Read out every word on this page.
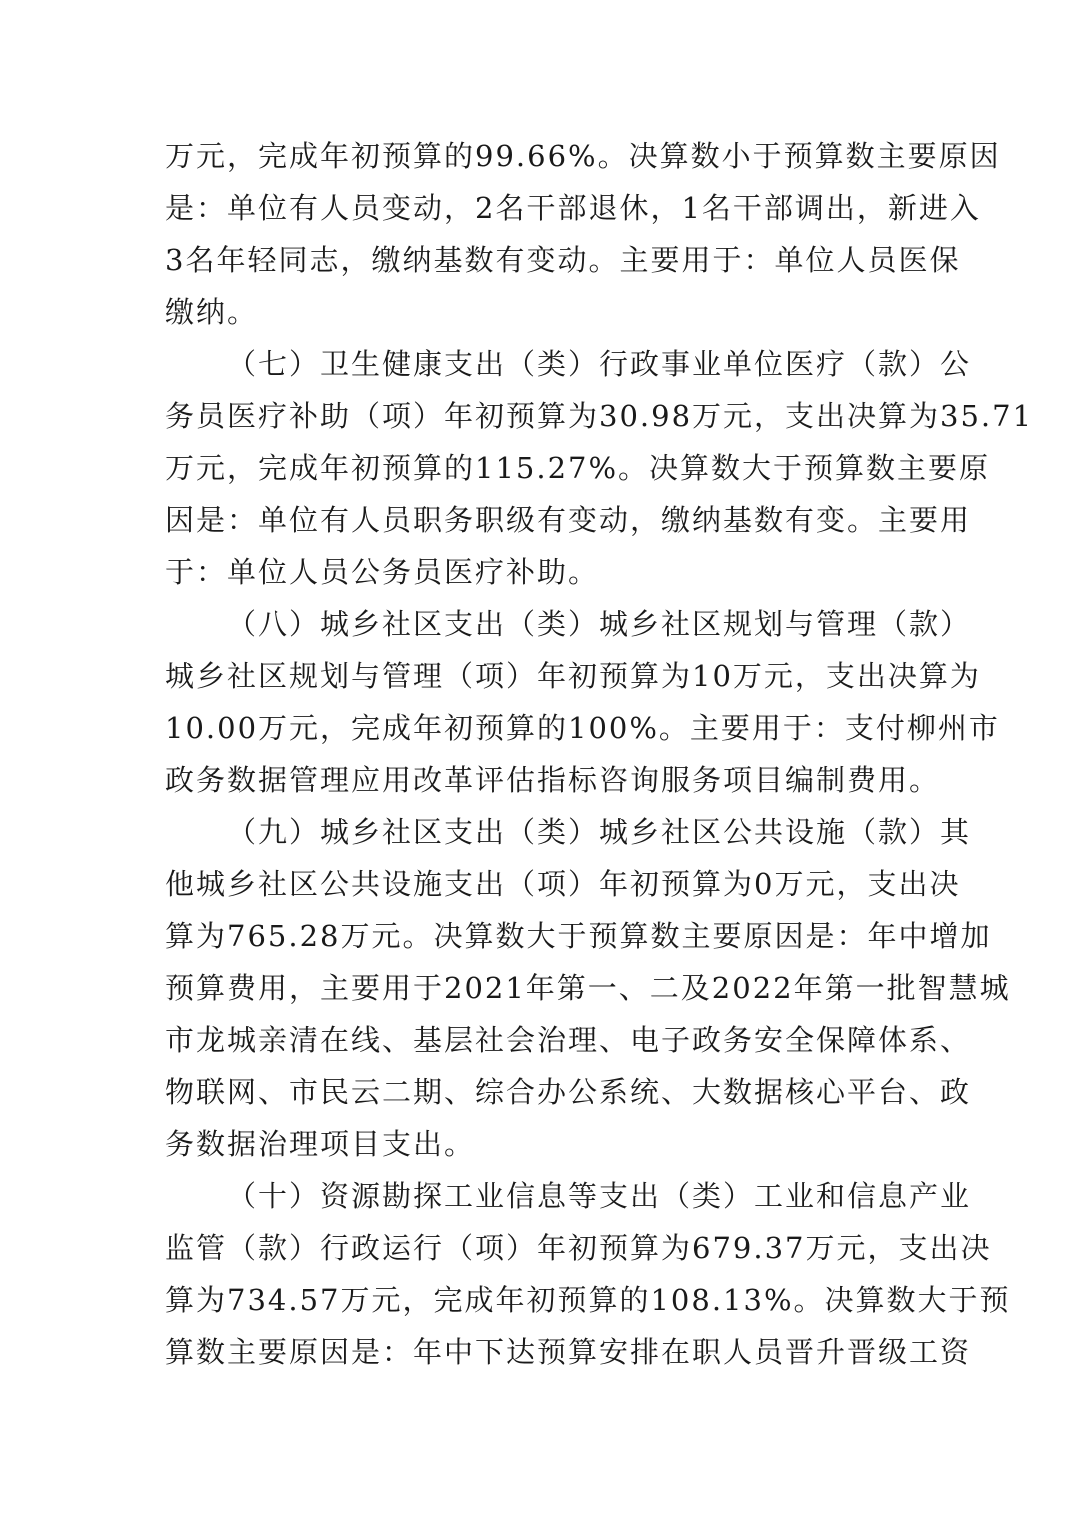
万元，完成年初预算的99.66%。决算数小于预算数主要原因
是：单位有人员变动，2名干部退休，1名干部调出，新进入
3名年轻同志，缴纳基数有变动。主要用于：单位人员医保
缴纳。
（七）卫生健康支出（类）行政事业单位医疗（款）公
务员医疗补助（项）年初预算为30.98万元，支出决算为35.71
万元，完成年初预算的115.27%。决算数大于预算数主要原
因是：单位有人员职务职级有变动，缴纳基数有变。主要用
于：单位人员公务员医疗补助。
（八）城乡社区支出（类）城乡社区规划与管理（款）
城乡社区规划与管理（项）年初预算为10万元，支出决算为
10.00万元，完成年初预算的100%。主要用于：支付柳州市
政务数据管理应用改革评估指标咨询服务项目编制费用。
（九）城乡社区支出（类）城乡社区公共设施（款）其
他城乡社区公共设施支出（项）年初预算为0万元，支出决
算为765.28万元。决算数大于预算数主要原因是：年中增加
预算费用，主要用于2021年第一、二及2022年第一批智慧城
市龙城亲清在线、基层社会治理、电子政务安全保障体系、
物联网、市民云二期、综合办公系统、大数据核心平台、政
务数据治理项目支出。
（十）资源勘探工业信息等支出（类）工业和信息产业
监管（款）行政运行（项）年初预算为679.37万元，支出决
算为734.57万元，完成年初预算的108.13%。决算数大于预
算数主要原因是：年中下达预算安排在职人员晋升晋级工资
